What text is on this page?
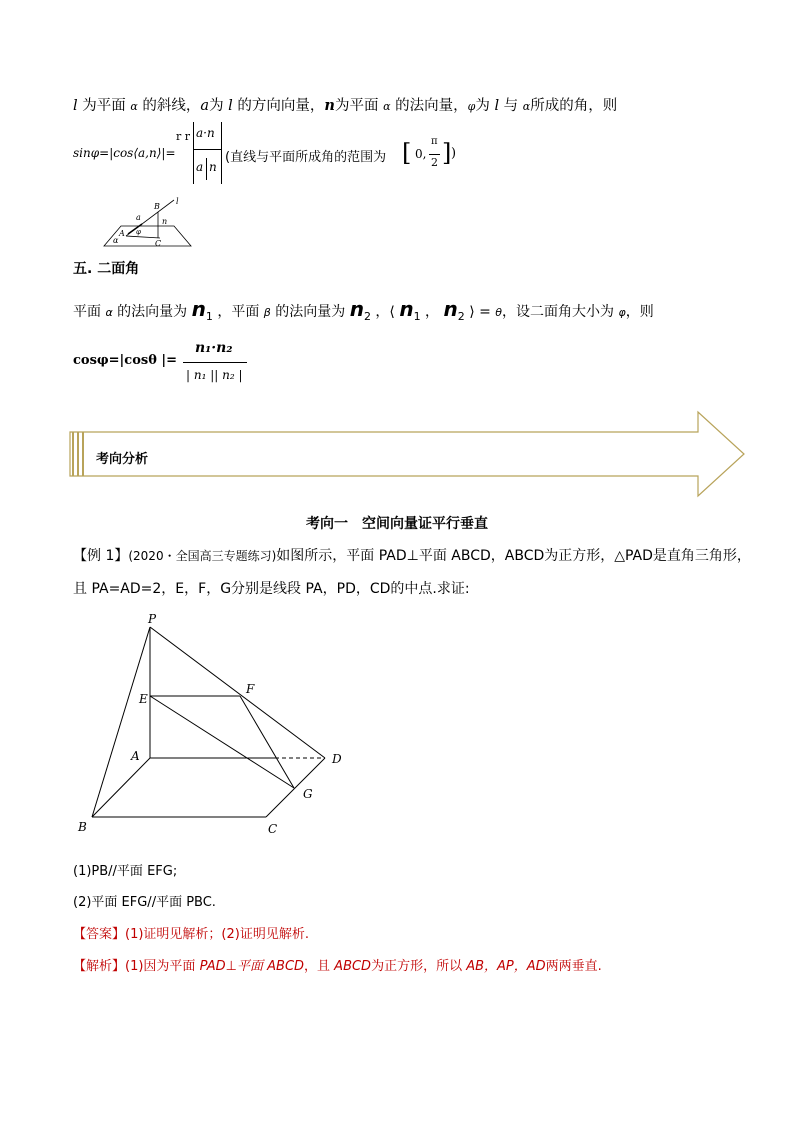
l 为平面 α 的斜线，a为 l 的方向向量，n为平面 α 的法向量，φ为 l 与 α所成的角，则
sinφ=|cos⟨a,n⟩|=
r r a·n
a n
(直线与平面所成角的范围为 [ 0,
π
2 ] )
B
l
a	n
A φ
α	C
五. 二面角
平面 α 的法向量为 $n_1$ ，平面 β 的法向量为 $n_2$ ，⟨ $n_1$ ， $n_2$ ⟩ = θ，设二面角大小为 φ，则
cosφ=|cosθ |=
n₁·n₂
| n₁ || n₂ |
考向分析
考向一　空间向量证平行垂直
【例 1】(2020・全国高三专题练习)如图所示，平面 PAD⊥平面 ABCD，ABCD为正方形，△PAD是直角三角形，
且 PA=AD=2，E，F，G分别是线段 PA，PD，CD的中点.求证:
P
F
E
A	D
G
B	C
(1)PB//平面 EFG;
(2)平面 EFG//平面 PBC.
【答案】(1)证明见解析；(2)证明见解析.
【解析】(1)因为平面 PAD⊥平面 ABCD，且 ABCD为正方形，所以 AB，AP，AD两两垂直.
